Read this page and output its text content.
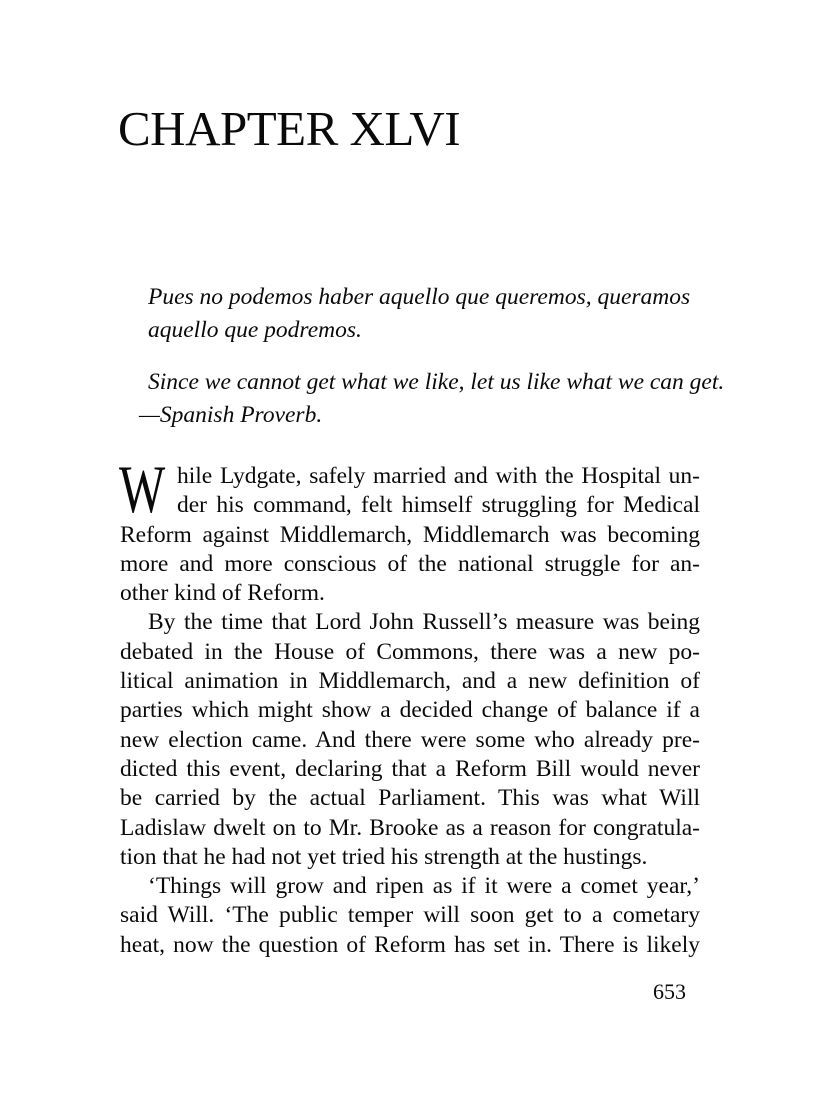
CHAPTER XLVI
Pues no podemos haber aquello que queremos, queramos
aquello que podremos.
Since we cannot get what we like, let us like what we can get.
—Spanish Proverb.
W hile Lydgate, safely married and with the Hospital un-
der his command, felt himself struggling for Medical
Reform against Middlemarch, Middlemarch was becoming
more and more conscious of the national struggle for an-
other kind of Reform.
By the time that Lord John Russell’s measure was being
debated in the House of Commons, there was a new po-
litical animation in Middlemarch, and a new definition of
parties which might show a decided change of balance if a
new election came. And there were some who already pre-
dicted this event, declaring that a Reform Bill would never
be carried by the actual Parliament. This was what Will
Ladislaw dwelt on to Mr. Brooke as a reason for congratula-
tion that he had not yet tried his strength at the hustings.
‘Things will grow and ripen as if it were a comet year,’
said Will. ‘The public temper will soon get to a cometary
heat, now the question of Reform has set in. There is likely
653
